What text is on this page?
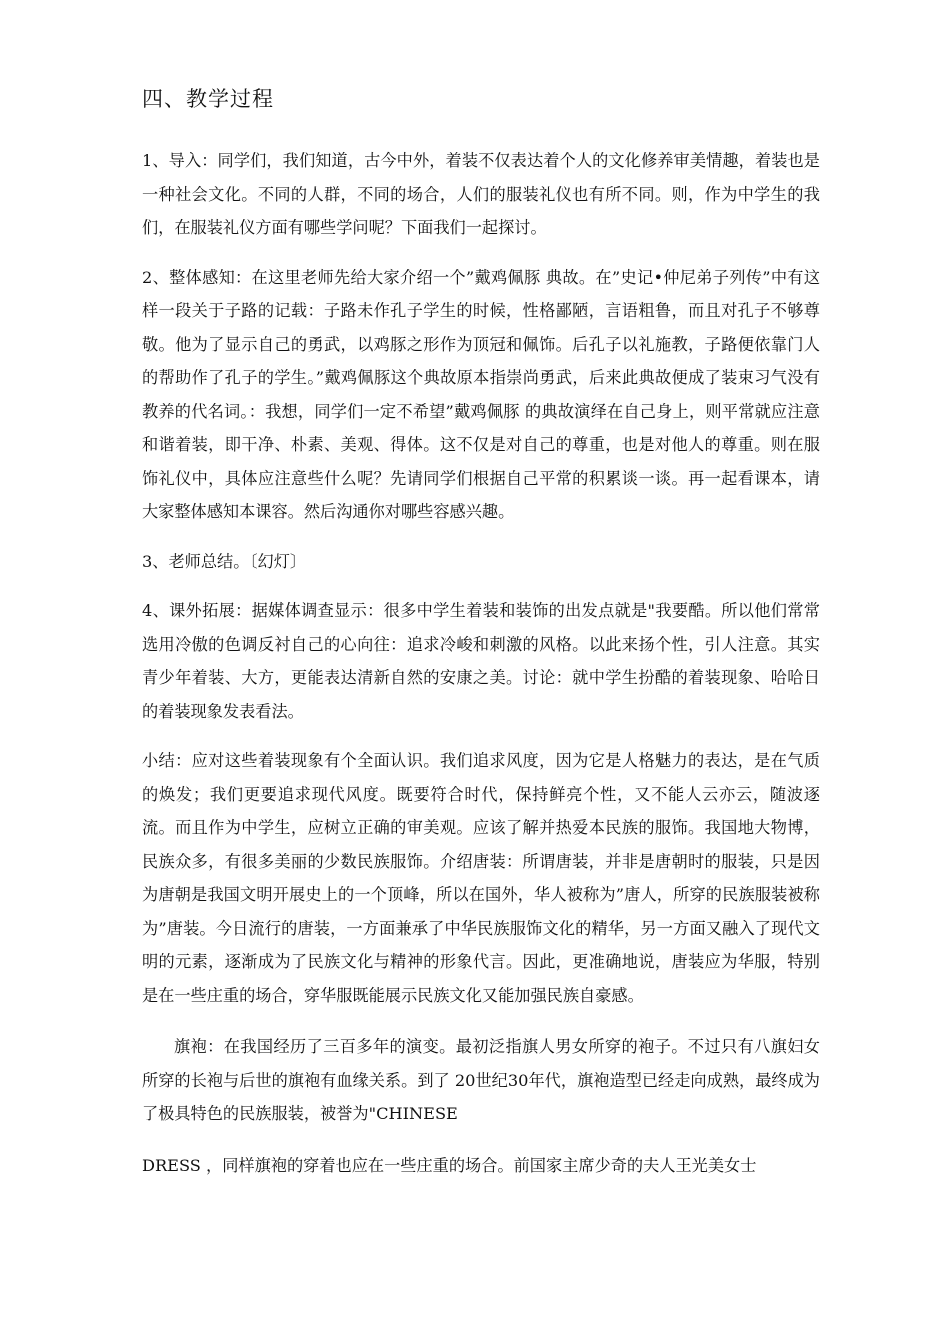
四、教学过程

1、导入：同学们，我们知道，古今中外，着装不仅表达着个人的文化修养审美情趣，着装也是一种社会文化。不同的人群，不同的场合，人们的服装礼仪也有所不同。则，作为中学生的我们，在服装礼仪方面有哪些学问呢？下面我们一起探讨。

2、整体感知：在这里老师先给大家介绍一个”戴鸡佩豚 典故。在”史记•仲尼弟子列传”中有这样一段关于子路的记载：子路未作孔子学生的时候，性格鄙陋，言语粗鲁，而且对孔子不够尊敬。他为了显示自己的勇武，以鸡豚之形作为顶冠和佩饰。后孔子以礼施教，子路便依靠门人的帮助作了孔子的学生。”戴鸡佩豚这个典故原本指崇尚勇武，后来此典故便成了装束习气没有教养的代名词。：我想，同学们一定不希望”戴鸡佩豚 的典故演绎在自己身上，则平常就应注意和谐着装，即干净、朴素、美观、得体。这不仅是对自己的尊重，也是对他人的尊重。则在服饰礼仪中，具体应注意些什么呢？先请同学们根据自己平常的积累谈一谈。再一起看课本，请大家整体感知本课容。然后沟通你对哪些容感兴趣。

3、老师总结。〔幻灯〕

4、课外拓展：据媒体调查显示：很多中学生着装和装饰的出发点就是"我要酷。所以他们常常选用冷傲的色调反衬自己的心向往：追求冷峻和刺激的风格。以此来扬个性，引人注意。其实青少年着装、大方，更能表达清新自然的安康之美。讨论：就中学生扮酷的着装现象、哈哈日的着装现象发表看法。

小结：应对这些着装现象有个全面认识。我们追求风度，因为它是人格魅力的表达，是在气质的焕发；我们更要追求现代风度。既要符合时代，保持鲜亮个性，又不能人云亦云，随波逐流。而且作为中学生，应树立正确的审美观。应该了解并热爱本民族的服饰。我国地大物博，民族众多，有很多美丽的少数民族服饰。介绍唐装：所谓唐装，并非是唐朝时的服装，只是因为唐朝是我国文明开展史上的一个顶峰，所以在国外，华人被称为”唐人，所穿的民族服装被称为”唐装。今日流行的唐装，一方面兼承了中华民族服饰文化的精华，另一方面又融入了现代文明的元素，逐渐成为了民族文化与精神的形象代言。因此，更准确地说，唐装应为华服，特别是在一些庄重的场合，穿华服既能展示民族文化又能加强民族自豪感。

旗袍：在我国经历了三百多年的演变。最初泛指旗人男女所穿的袍子。不过只有八旗妇女所穿的长袍与后世的旗袍有血缘关系。到了 20世纪30年代，旗袍造型已经走向成熟，最终成为了极具特色的民族服装，被誉为"CHINESE

DRESS ，同样旗袍的穿着也应在一些庄重的场合。前国家主席少奇的夫人王光美女士
